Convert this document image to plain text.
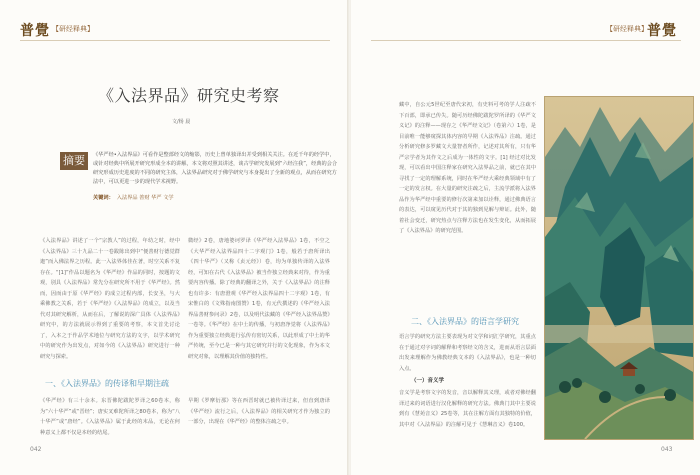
普覺 【研经释典】
《入法界品》研究史考察
文/杨 晨
摘要	《华严经•入法界品》可看作是整部经文的缩影，历史上曾单独译出并受到相关关注。在近千年的经学中，或针对经典中所展开研究形成全本的讲解，本文将对照其讲述，谈古学研究发展到“六经注我”，经典的会合研究形成历史进度的不同的研究主体，入法界品研究对于佛学研究与本身提出了全新的观点，从而在研究方法中，可以更进一步的现代学术视野。
关键词： 入法界品 善财 华严 文学
《入法界品》讲述了一个“宗教人”的过程，年幼之时，经中《入法界品》三十九品二十一卷跋陈出到中“便善财行德觉群迦”而入佛法界之历程。此一入法界体佳在著，时空关系不复存在。“[1]”作品以题名为《华严经》作品的同时，按题的文观，别具《入法界品》常先分在研究所不用于《华严经》。然而，因而由于原《华严经》的成立过程内部，长安圣，与大乘佛教之关系，若于《华严经》《入法界品》的成立，以及当代对其研究解析，从而在后，了解说的深广具体《入法界品》研究中，的方法就展示得到了重要的考察，本文首先讨论了，入本之于作品学术地位与研究方法的文字，以学术研究中的研究作为出发点，对如今的《入法界品》研究进行一种研究与探索。
一、《入法界品》的传译和早期注疏
《华严经》有三十余本。东晋佛陀跋陀罗译之60卷本，称为“六十华严”或“晋经”；唐实叉难陀所译之80卷本，称为“八十华严”或“唐经”。《入法界品》属于此经的末品，无论在何种意义上都不仅是本经的结尾。
微经》2卷，唐地婆诃罗译《华严经入法界品》1卷，不空之《大华严经入法界品四十二字观门》1卷，般若于唐所译出《四十华严》（又称《贞元经》）卷，均为单独传译的入法界经，可知在古代《入法界品》被当作独立经典来对待，作为重要内容传播。除了经典的翻译之外，关于《入法界品》的注释也有许多：有唐澄观《华严经入法界品四十二字观》1卷，有宋惟白的《文殊指南图赞》1卷，有元代撰述的《华严经入法界品善财参问录》2卷，以及明代法藏的《华严经入法界品赞》一卷等。《华严经》在中土的传播，与初唐净觉将《入法界品》作为重要独立经典进行弘传有密切关系，以此形成了中土的华严传统，至今已是一种与其它研究并行的文化现象，作为本文研究对象，以理解其价值的独特性。
早期《罗摩衍那》等在西晋时就已被传译过来，但直到唐译《华严经》流行之后，《入法界品》的相关研究才作为独立的一部分，出现在《华严经》的整体注疏之中。
042
【研经释典】 普覺
藏中，自公元5世纪至唐代宋初，有史料可考的学人注疏不下百部，即承已传失。随可历经佛陀跋陀罗所译的《华严文义记》的注释——现存之《华严经文记》（卷第六）1卷，是目前唯一能够窥探其体内容的早期《入法界品》注疏。通过分析研究修多罗藏文大量智者所作，记述对其所有，只有华严宗学者为其作文之后成为一体性的文字。[1] 经过对比发现，可以看出中国注释家在研究入法界品之前，就已在其中寻找了一定的理解系统，同时在华严经大乘经典领域中有了一定的发言权。在大量的研究注疏之后，主流学派将入法界品作为华严经中重要的修行次第来加以诠释，通过佛典语言的表达，可以窥见历代对于其的独到见解与辩证。此外，随着社会变迁，研究热点与注释方法也在发生变化，从而拓展了《入法界品》的研究范围。
二、《入法界品》的语言学研究
语言学的研究方法主要表现为对文学和词汇学研究，其重点在于通过对字词的解释和考察经文的含义，进而从语言层面出发来理解作为佛教经典文本的《入法界品》，也是一种切入点。
（一）音义学
音义学是考察文字的发音，音以解释其义理，或者对佛经翻译过来的词语进行汉化解释的研究方法。佛典门其中主要说到有《慧苑音义》25卷等，其在注解方面有其独特的价值，其中对《入法界品》的注解可见于《慧琳音义》卷100。
043
